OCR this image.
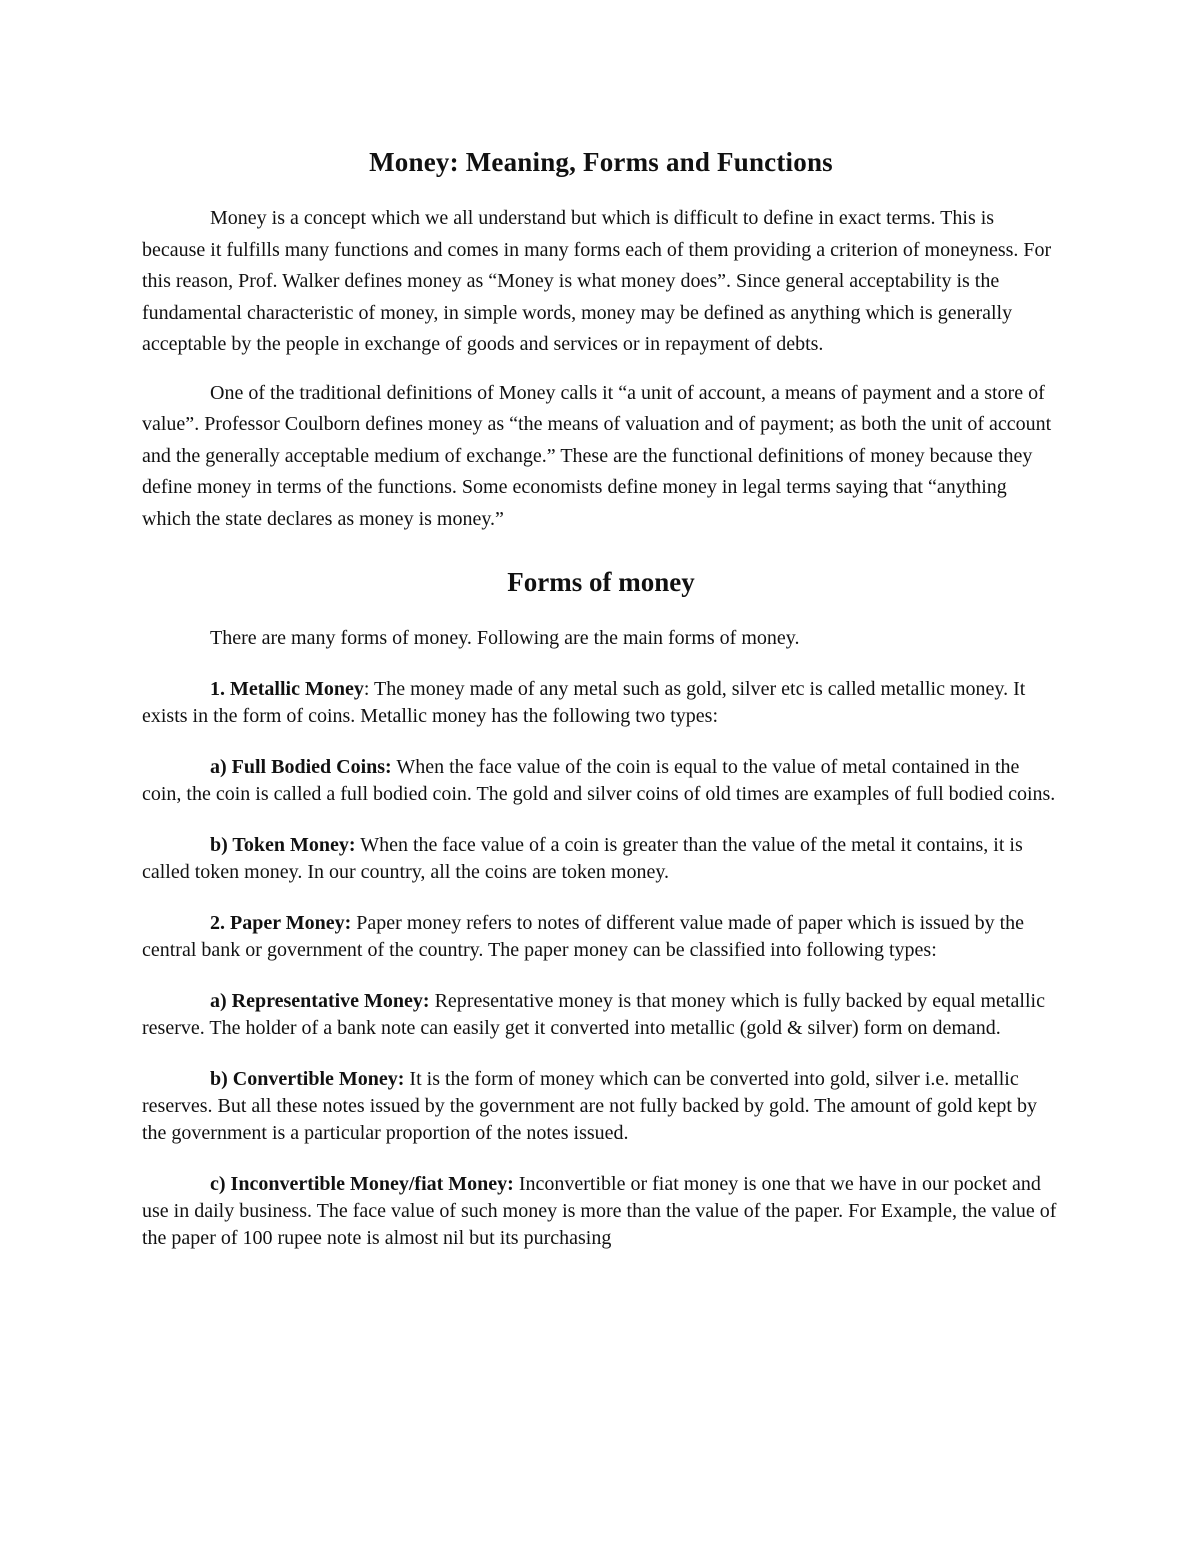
Money: Meaning, Forms and Functions

Money is a concept which we all understand but which is difficult to define in exact terms. This is because it fulfills many functions and comes in many forms each of them providing a criterion of moneyness. For this reason, Prof. Walker defines money as “Money is what money does”. Since general acceptability is the fundamental characteristic of money, in simple words, money may be defined as anything which is generally acceptable by the people in exchange of goods and services or in repayment of debts.

One of the traditional definitions of Money calls it “a unit of account, a means of payment and a store of value”. Professor Coulborn defines money as “the means of valuation and of payment; as both the unit of account and the generally acceptable medium of exchange.” These are the functional definitions of money because they define money in terms of the functions. Some economists define money in legal terms saying that “anything which the state declares as money is money.”

Forms of money

There are many forms of money. Following are the main forms of money.

1. Metallic Money: The money made of any metal such as gold, silver etc is called metallic money. It exists in the form of coins. Metallic money has the following two types:

a) Full Bodied Coins: When the face value of the coin is equal to the value of metal contained in the coin, the coin is called a full bodied coin. The gold and silver coins of old times are examples of full bodied coins.

b) Token Money: When the face value of a coin is greater than the value of the metal it contains, it is called token money. In our country, all the coins are token money.

2. Paper Money: Paper money refers to notes of different value made of paper which is issued by the central bank or government of the country. The paper money can be classified into following types:

a) Representative Money: Representative money is that money which is fully backed by equal metallic reserve. The holder of a bank note can easily get it converted into metallic (gold & silver) form on demand.

b) Convertible Money: It is the form of money which can be converted into gold, silver i.e. metallic reserves. But all these notes issued by the government are not fully backed by gold. The amount of gold kept by the government is a particular proportion of the notes issued.

c) Inconvertible Money/fiat Money: Inconvertible or fiat money is one that we have in our pocket and use in daily business. The face value of such money is more than the value of the paper. For Example, the value of the paper of 100 rupee note is almost nil but its purchasing
